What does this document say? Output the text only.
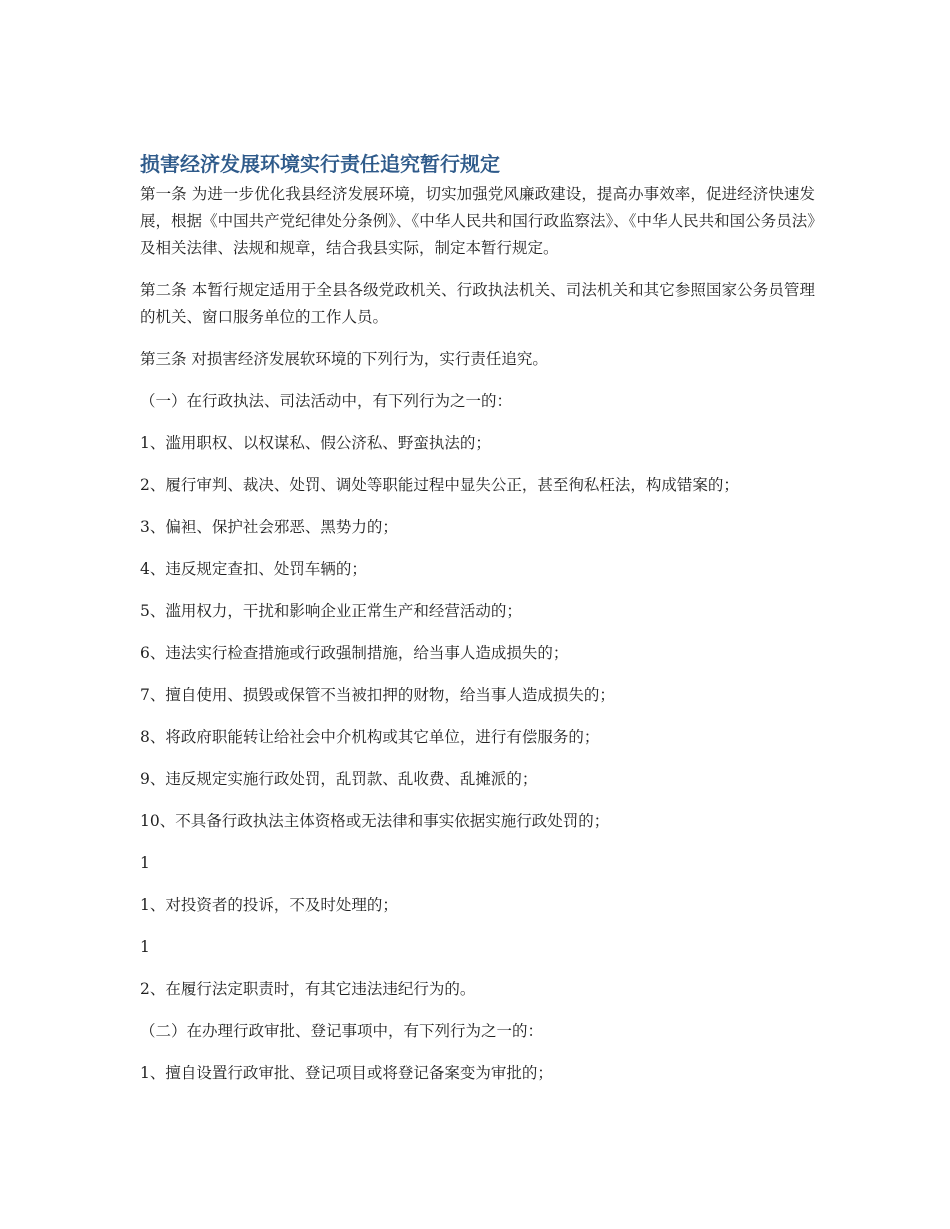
损害经济发展环境实行责任追究暂行规定

第一条 为进一步优化我县经济发展环境，切实加强党风廉政建设，提高办事效率，促进经济快速发展，根据《中国共产党纪律处分条例》、《中华人民共和国行政监察法》、《中华人民共和国公务员法》及相关法律、法规和规章，结合我县实际，制定本暂行规定。

第二条 本暂行规定适用于全县各级党政机关、行政执法机关、司法机关和其它参照国家公务员管理的机关、窗口服务单位的工作人员。

第三条 对损害经济发展软环境的下列行为，实行责任追究。

（一）在行政执法、司法活动中，有下列行为之一的：

1、滥用职权、以权谋私、假公济私、野蛮执法的；

2、履行审判、裁决、处罚、调处等职能过程中显失公正，甚至徇私枉法，构成错案的；

3、偏袒、保护社会邪恶、黑势力的；

4、违反规定查扣、处罚车辆的；

5、滥用权力，干扰和影响企业正常生产和经营活动的；

6、违法实行检查措施或行政强制措施，给当事人造成损失的；

7、擅自使用、损毁或保管不当被扣押的财物，给当事人造成损失的；

8、将政府职能转让给社会中介机构或其它单位，进行有偿服务的；

9、违反规定实施行政处罚，乱罚款、乱收费、乱摊派的；

10、不具备行政执法主体资格或无法律和事实依据实施行政处罚的；

1

1、对投资者的投诉，不及时处理的；

1

2、在履行法定职责时，有其它违法违纪行为的。

（二）在办理行政审批、登记事项中，有下列行为之一的：

1、擅自设置行政审批、登记项目或将登记备案变为审批的；
